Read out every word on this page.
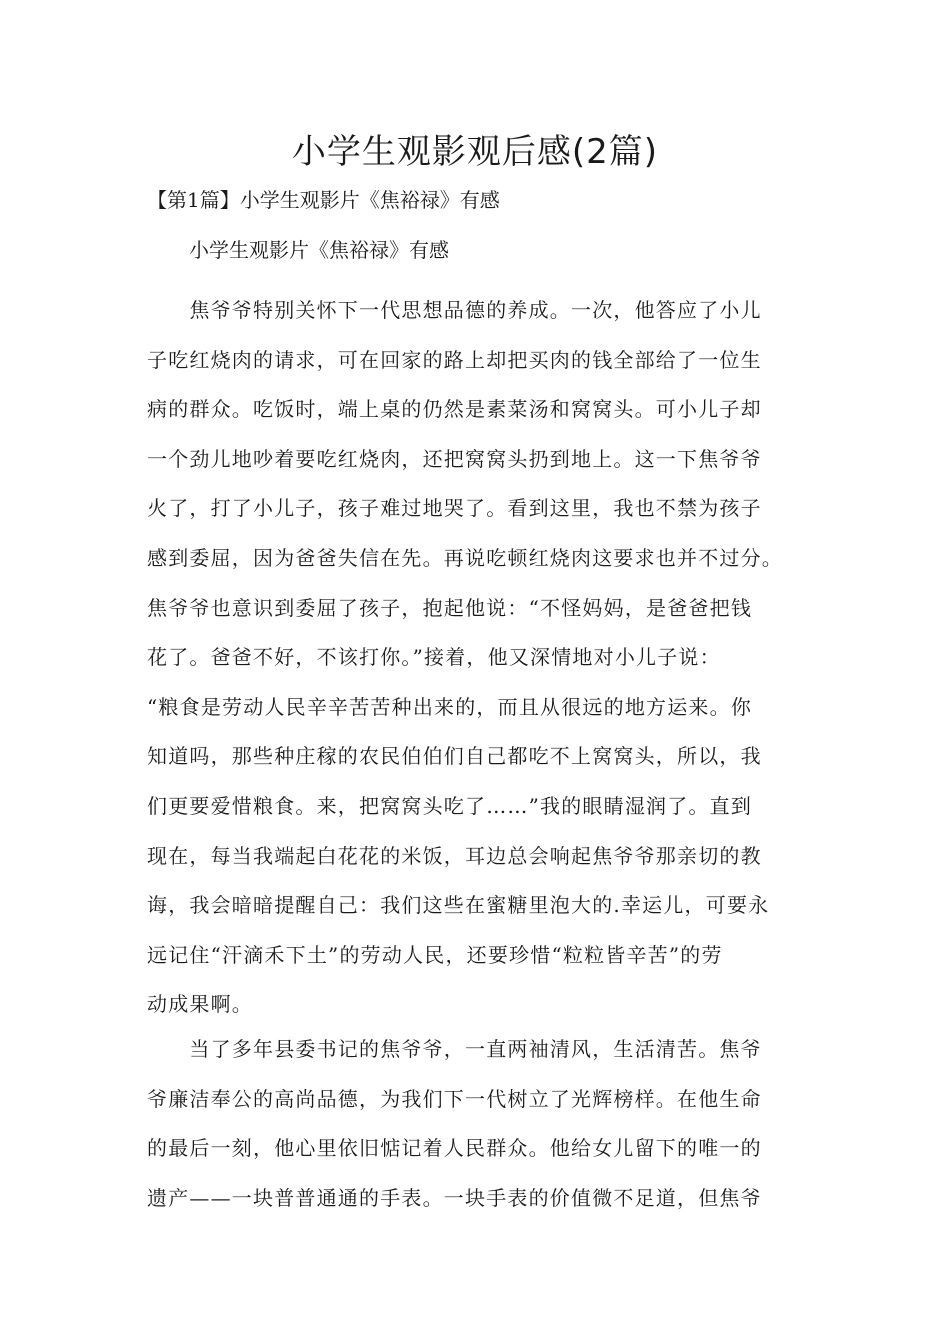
小学生观影观后感(2篇)
【第1篇】小学生观影片《焦裕禄》有感

小学生观影片《焦裕禄》有感

　　焦爷爷特别关怀下一代思想品德的养成。一次，他答应了小儿
子吃红烧肉的请求，可在回家的路上却把买肉的钱全部给了一位生
病的群众。吃饭时，端上桌的仍然是素菜汤和窝窝头。可小儿子却
一个劲儿地吵着要吃红烧肉，还把窝窝头扔到地上。这一下焦爷爷
火了，打了小儿子，孩子难过地哭了。看到这里，我也不禁为孩子
感到委屈，因为爸爸失信在先。再说吃顿红烧肉这要求也并不过分。
焦爷爷也意识到委屈了孩子，抱起他说：“不怪妈妈，是爸爸把钱
花了。爸爸不好，不该打你。”接着，他又深情地对小儿子说：
“粮食是劳动人民辛辛苦苦种出来的，而且从很远的地方运来。你
知道吗，那些种庄稼的农民伯伯们自己都吃不上窝窝头，所以，我
们更要爱惜粮食。来，把窝窝头吃了……”我的眼睛湿润了。直到
现在，每当我端起白花花的米饭，耳边总会响起焦爷爷那亲切的教
诲，我会暗暗提醒自己：我们这些在蜜糖里泡大的.幸运儿，可要永
远记住“汗滴禾下土”的劳动人民，还要珍惜“粒粒皆辛苦”的劳
动成果啊。

　　当了多年县委书记的焦爷爷，一直两袖清风，生活清苦。焦爷
爷廉洁奉公的高尚品德，为我们下一代树立了光辉榜样。在他生命
的最后一刻，他心里依旧惦记着人民群众。他给女儿留下的唯一的
遗产——一块普普通通的手表。一块手表的价值微不足道，但焦爷
